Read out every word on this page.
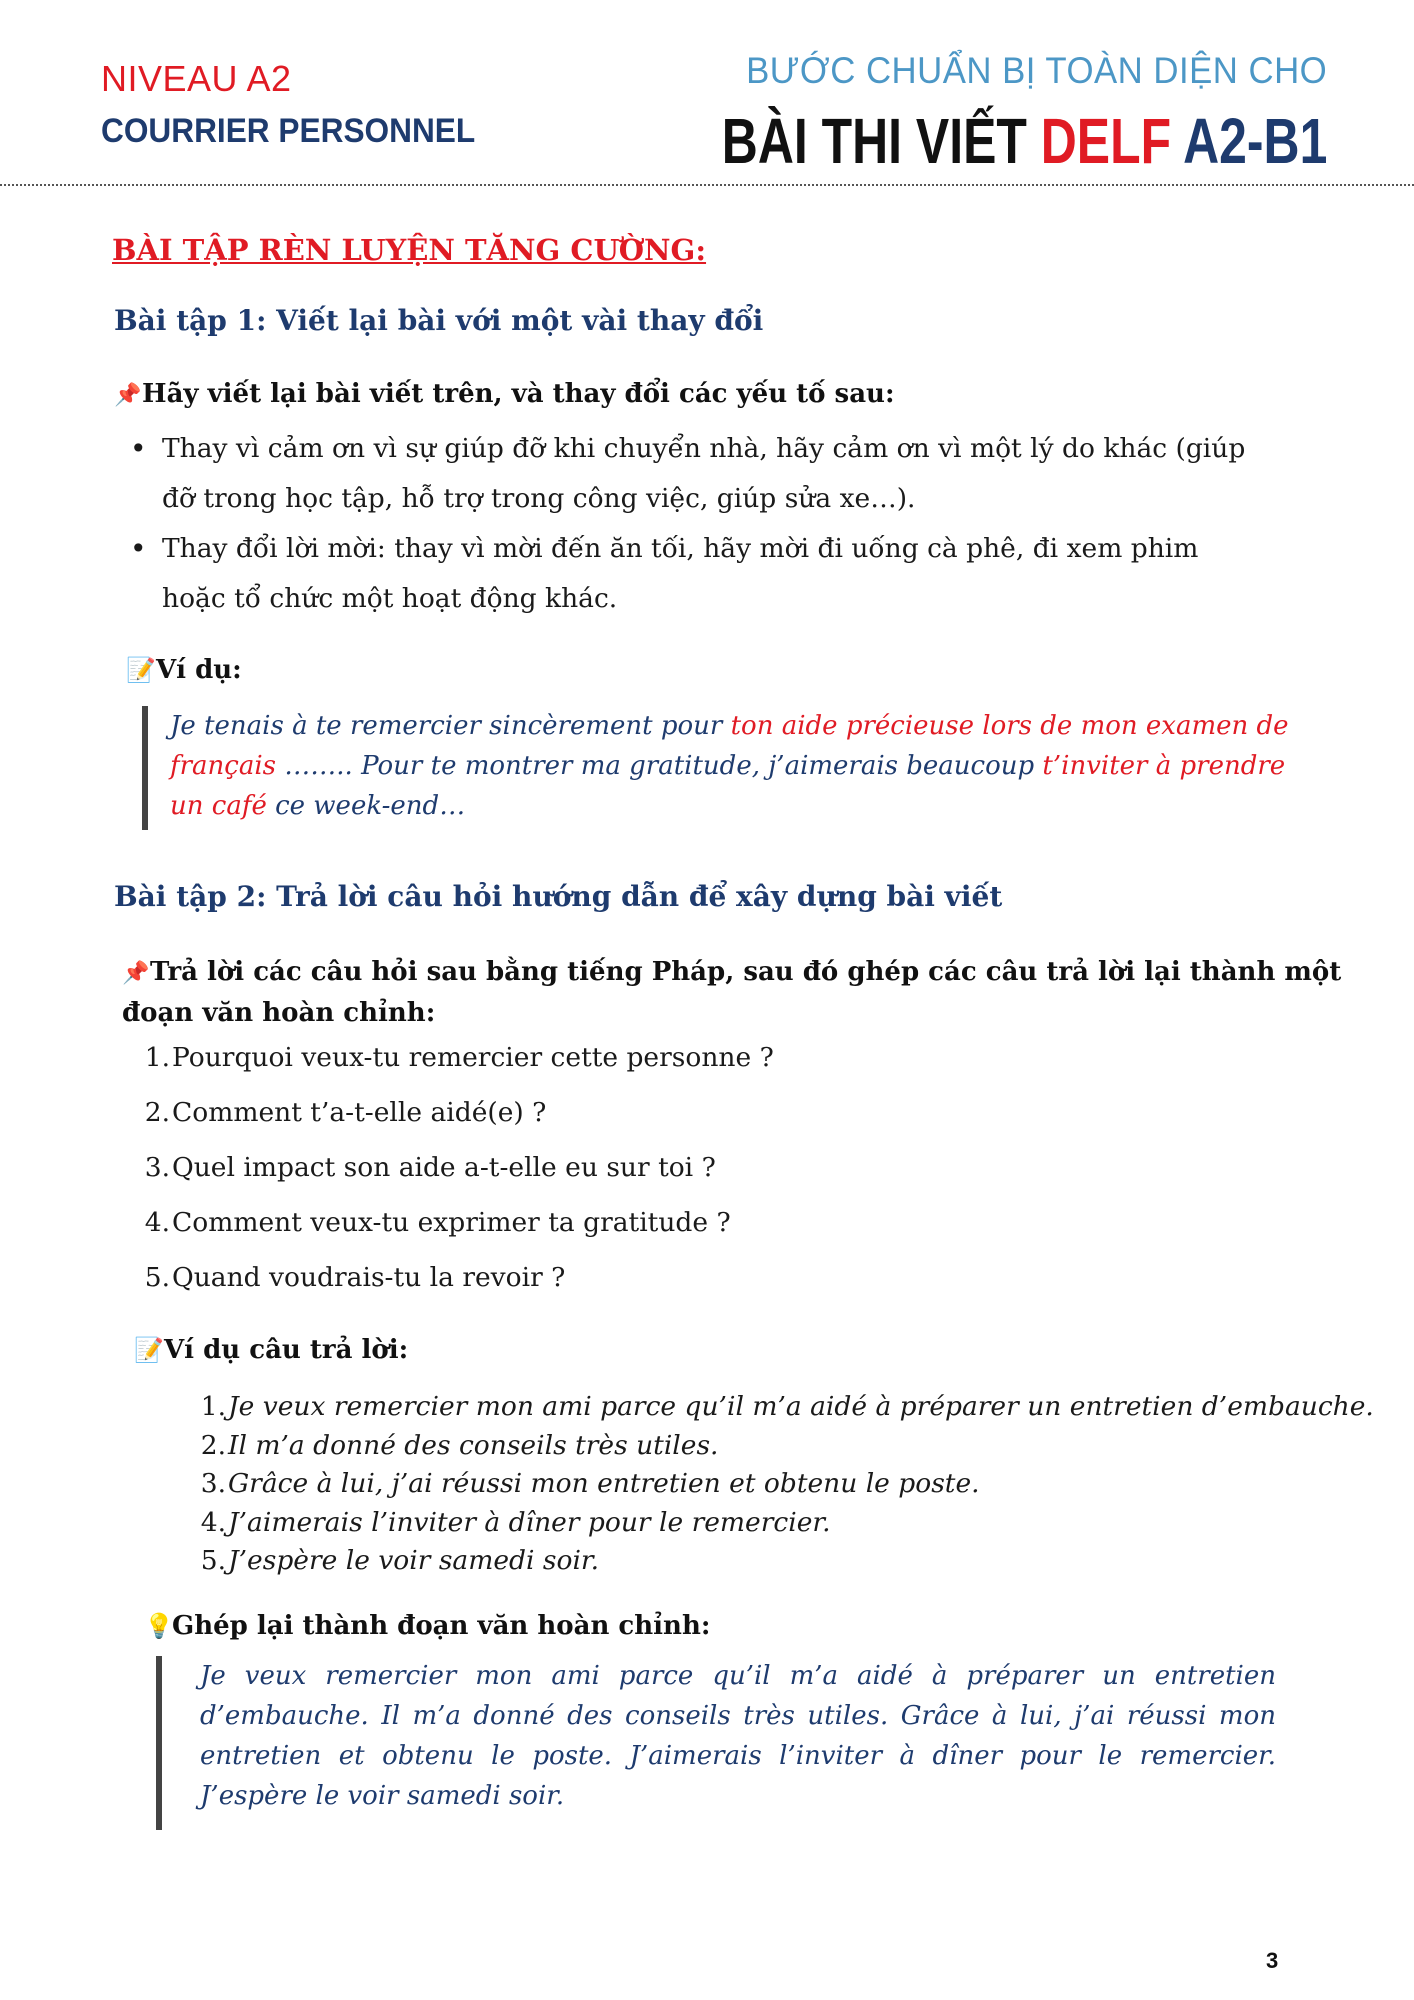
NIVEAU A2
COURRIER PERSONNEL
BƯỚC CHUẨN BỊ TOÀN DIỆN CHO
BÀI THI VIẾT DELF A2-B1
BÀI TẬP RÈN LUYỆN TĂNG CƯỜNG:
Bài tập 1: Viết lại bài với một vài thay đổi
📌Hãy viết lại bài viết trên, và thay đổi các yếu tố sau:
• Thay vì cảm ơn vì sự giúp đỡ khi chuyển nhà, hãy cảm ơn vì một lý do khác (giúp đỡ trong học tập, hỗ trợ trong công việc, giúp sửa xe…).
• Thay đổi lời mời: thay vì mời đến ăn tối, hãy mời đi uống cà phê, đi xem phim hoặc tổ chức một hoạt động khác.
📝Ví dụ:
Je tenais à te remercier sincèrement pour ton aide précieuse lors de mon examen de français …….. Pour te montrer ma gratitude, j’aimerais beaucoup t’inviter à prendre un café ce week-end…
Bài tập 2: Trả lời câu hỏi hướng dẫn để xây dựng bài viết
📌Trả lời các câu hỏi sau bằng tiếng Pháp, sau đó ghép các câu trả lời lại thành một
đoạn văn hoàn chỉnh:
1. Pourquoi veux-tu remercier cette personne ?
2. Comment t’a-t-elle aidé(e) ?
3. Quel impact son aide a-t-elle eu sur toi ?
4. Comment veux-tu exprimer ta gratitude ?
5. Quand voudrais-tu la revoir ?
📝Ví dụ câu trả lời:
1. Je veux remercier mon ami parce qu’il m’a aidé à préparer un entretien d’embauche.
2. Il m’a donné des conseils très utiles.
3. Grâce à lui, j’ai réussi mon entretien et obtenu le poste.
4. J’aimerais l’inviter à dîner pour le remercier.
5. J’espère le voir samedi soir.
💡Ghép lại thành đoạn văn hoàn chỉnh:
Je veux remercier mon ami parce qu’il m’a aidé à préparer un entretien d’embauche. Il m’a donné des conseils très utiles. Grâce à lui, j’ai réussi mon entretien et obtenu le poste. J’aimerais l’inviter à dîner pour le remercier. J’espère le voir samedi soir.
3
